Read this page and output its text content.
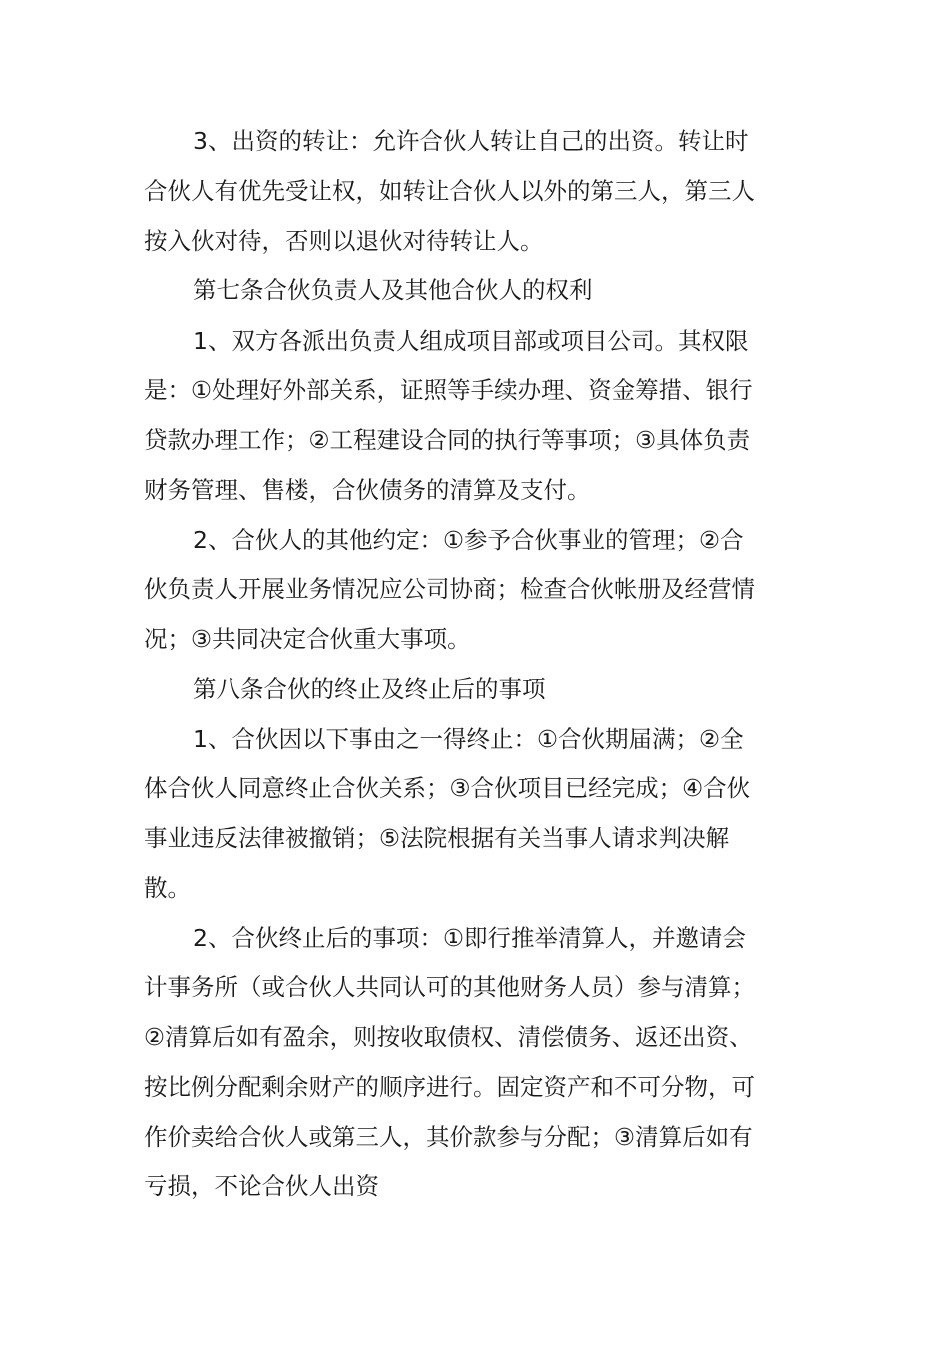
3、出资的转让：允许合伙人转让自己的出资。转让时
合伙人有优先受让权，如转让合伙人以外的第三人，第三人
按入伙对待，否则以退伙对待转让人。
第七条合伙负责人及其他合伙人的权利
1、双方各派出负责人组成项目部或项目公司。其权限
是：①处理好外部关系，证照等手续办理、资金筹措、银行
贷款办理工作；②工程建设合同的执行等事项；③具体负责
财务管理、售楼，合伙债务的清算及支付。
2、合伙人的其他约定：①参予合伙事业的管理；②合
伙负责人开展业务情况应公司协商；检查合伙帐册及经营情
况；③共同决定合伙重大事项。
第八条合伙的终止及终止后的事项
1、合伙因以下事由之一得终止：①合伙期届满；②全
体合伙人同意终止合伙关系；③合伙项目已经完成；④合伙
事业违反法律被撤销；⑤法院根据有关当事人请求判决解
散。
2、合伙终止后的事项：①即行推举清算人，并邀请会
计事务所（或合伙人共同认可的其他财务人员）参与清算；
②清算后如有盈余，则按收取债权、清偿债务、返还出资、
按比例分配剩余财产的顺序进行。固定资产和不可分物，可
作价卖给合伙人或第三人，其价款参与分配；③清算后如有
亏损，不论合伙人出资
